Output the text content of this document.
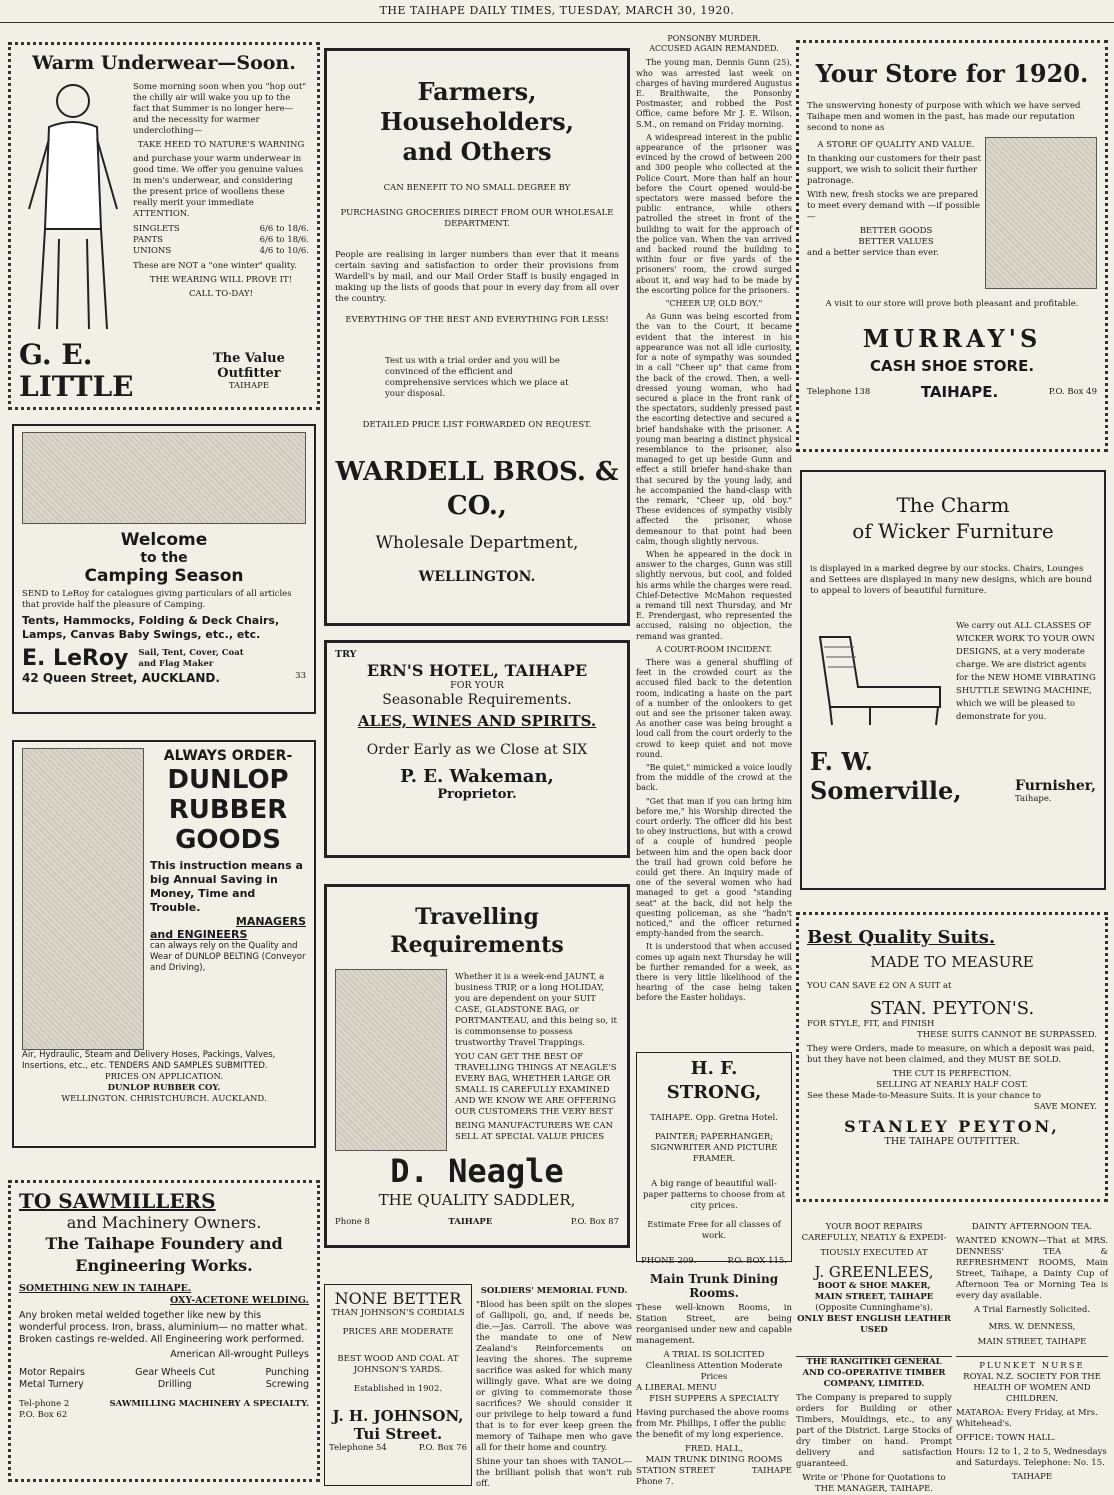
THE TAIHAPE DAILY TIMES, TUESDAY, MARCH 30, 1920.
Warm Underwear—Soon.

Some morning soon when you "hop out" the chilly air will wake you up to the fact that Summer is no longer here—and the necessity for warmer underclothing—

TAKE HEED TO NATURE'S WARNING

and purchase your warm underwear in good time. We offer you genuine values in men's underwear, and considering the present price of woollens these really merit your immediate ATTENTION.

SINGLETS	6/6 to 18/6.
PANTS	6/6 to 18/6.
UNIONS	4/6 to 10/6.

These are NOT a "one winter" quality.

THE WEARING WILL PROVE IT!

CALL TO-DAY!

G. E. LITTLE
The Value Outfitter
TAIHAPE
Welcome
to the
Camping Season

SEND to LeRoy for catalogues giving particulars of all articles that provide half the pleasure of Camping.

Tents, Hammocks, Folding & Deck Chairs, Lamps, Canvas Baby Swings, etc., etc.
E. LeRoy Sail, Tent, Cover, Coat and Flag Maker
42 Queen Street, AUCKLAND.	33
ALWAYS ORDER-
DUNLOP
RUBBER
GOODS
This instruction means a big Annual Saving in Money, Time and Trouble.
MANAGERS
and ENGINEERS
can always rely on the Quality and Wear of DUNLOP BELTING (Conveyor and Driving),
Air, Hydraulic, Steam and Delivery Hoses, Packings, Valves, Insertions, etc., etc. TENDERS AND SAMPLES SUBMITTED.
PRICES ON APPLICATION.
DUNLOP RUBBER COY.
WELLINGTON. CHRISTCHURCH. AUCKLAND.
TO SAWMILLERS
and Machinery Owners.
The Taihape Foundery and
Engineering Works.
SOMETHING NEW IN TAIHAPE.
OXY-ACETONE WELDING.

Any broken metal welded together like new by this wonderful process. Iron, brass, aluminium— no matter what. Broken castings re-welded. All Engineering work performed.

American All-wrought Pulleys
Motor Repairs	Gear Wheels Cut	Punching
Metal Turnery	Drilling	Screwing
Tel-phone 2
P.O. Box 62
SAWMILLING MACHINERY A SPECIALTY.
Farmers, Householders,
and Others
CAN BENEFIT TO NO SMALL DEGREE BY
PURCHASING GROCERIES DIRECT FROM OUR WHOLESALE DEPARTMENT.

People are realising in larger numbers than ever that it means certain saving and satisfaction to order their provisions from Wardell's by mail, and our Mail Order Staff is busily engaged in making up the lists of goods that pour in every day from all over the country.

EVERYTHING OF THE BEST AND EVERYTHING FOR LESS!

Test us with a trial order and you will be convinced of the efficient and comprehensive services which we place at your disposal.

DETAILED PRICE LIST FORWARDED ON REQUEST.
WARDELL BROS. & CO.,
Wholesale Department,
WELLINGTON.
TRY
ERN'S HOTEL, TAIHAPE
FOR YOUR
Seasonable Requirements.
ALES, WINES AND SPIRITS.
Order Early as we Close at SIX
P. E. Wakeman,
Proprietor.
Travelling Requirements

Whether it is a week-end JAUNT, a business TRIP, or a long HOLIDAY, you are dependent on your SUIT CASE, GLADSTONE BAG, or PORTMANTEAU, and this being so, it is commonsense to possess trustworthy Travel Trappings.

YOU CAN GET THE BEST OF TRAVELLING THINGS AT NEAGLE'S EVERY BAG, WHETHER LARGE OR SMALL IS CAREFULLY EXAMINED AND WE KNOW WE ARE OFFERING OUR CUSTOMERS THE VERY BEST

BEING MANUFACTURERS WE CAN SELL AT SPECIAL VALUE PRICES

D. Neagle
THE QUALITY SADDLER,
Phone 8	TAIHAPE	P.O. Box 87
NONE BETTER
THAN JOHNSON'S CORDIALS
PRICES ARE MODERATE
BEST WOOD AND COAL AT JOHNSON'S YARDS.
Established in 1902.
J. H. JOHNSON,
Tui Street.
Telephone 54	P.O. Box 76
SOLDIERS' MEMORIAL FUND.

"Blood has been spilt on the slopes of Gallipoli, go, and, if needs be, die.—Jas. Carroll. The above was the mandate to one of New Zealand's Reinforcements on leaving the shores. The supreme sacrifice was asked for which many willingly gave. What are we doing or giving to commemorate those sacrifices? We should consider it our privilege to help toward a fund that is to for ever keep green the memory of Taihape men who gave all for their home and country.

Shine your tan shoes with TANOL—the brilliant polish that won't rub off.

PONSONBY MURDER.
ACCUSED AGAIN REMANDED.

The young man, Dennis Gunn (25), who was arrested last week on charges of having murdered Augustus E. Braithwaite, the Ponsonby Postmaster, and robbed the Post Office, came before Mr J. E. Wilson, S.M., on remand on Friday morning.

A widespread interest in the public appearance of the prisoner was evinced by the crowd of between 200 and 300 people who collected at the Police Court. More than half an hour before the Court opened would-be spectators were massed before the public entrance, while others patrolled the street in front of the building to wait for the approach of the police van. When the van arrived and backed round the building to within four or five yards of the prisoners' room, the crowd surged about it, and way had to be made by the escorting police for the prisoners.

"CHEER UP, OLD BOY."

As Gunn was being escorted from the van to the Court, it became evident that the interest in his appearance was not all idle curiosity, for a note of sympathy was sounded in a call "Cheer up" that came from the back of the crowd. Then, a well-dressed young woman, who had secured a place in the front rank of the spectators, suddenly pressed past the escorting detective and secured a brief handshake with the prisoner. A young man bearing a distinct physical resemblance to the prisoner, also managed to get up beside Gunn and effect a still briefer hand-shake than that secured by the young lady, and he accompanied the hand-clasp with the remark, "Cheer up, old boy." These evidences of sympathy visibly affected the prisoner, whose demeanour to that point had been calm, though slightly nervous.

When he appeared in the dock in answer to the charges, Gunn was still slightly nervous, but cool, and folded his arms while the charges were read. Chief-Detective McMahon requested a remand till next Thursday, and Mr E. Prendergast, who represented the accused, raising no objection, the remand was granted.

A COURT-ROOM INCIDENT.

There was a general shuffling of feet in the crowded court as the accused filed back to the detention room, indicating a haste on the part of a number of the onlookers to get out and see the prisoner taken away. As another case was being brought a loud call from the court orderly to the crowd to keep quiet and not move round.

"Be quiet," mimicked a voice loudly from the middle of the crowd at the back.

"Get that man if you can bring him before me," his Worship directed the court orderly. The officer did his best to obey instructions, but with a crowd of a couple of hundred people between him and the open back door the trail had grown cold before he could get there. An inquiry made of one of the several women who had managed to get a good "standing seat" at the back, did not help the questing policeman, as she "hadn't noticed," and the officer returned empty-handed from the search.

It is understood that when accused comes up again next Thursday he will be further remanded for a week, as there is very little likelihood of the hearing of the case being taken before the Easter holidays.

H. F. STRONG,
TAIHAPE. Opp. Gretna Hotel.
PAINTER; PAPERHANGER; SIGNWRITER AND PICTURE FRAMER.
A big range of beautiful wall-paper patterns to choose from at city prices.
Estimate Free for all classes of work.
PHONE 209.	P.O. BOX 115.
Main Trunk Dining
Rooms.

These well-known Rooms, in Station Street, are being reorganised under new and capable management.

A TRIAL IS SOLICITED
Cleanliness Attention Moderate Prices
A LIBERAL MENU
FISH SUPPERS A SPECIALTY

Having purchased the above rooms from Mr. Phillips, I offer the public the benefit of my long experience.

FRED. HALL,
MAIN TRUNK DINING ROOMS
STATION STREET	TAIHAPE
Phone 7.
Your Store for 1920.

The unswerving honesty of purpose with which we have served Taihape men and women in the past, has made our reputation second to none as

A STORE OF QUALITY AND VALUE.

In thanking our customers for their past support, we wish to solicit their further patronage.

With new, fresh stocks we are prepared to meet every demand with —if possible—

BETTER GOODS
BETTER VALUES
and a better service than ever.
A visit to our store will prove both pleasant and profitable.
MURRAY'S
CASH SHOE STORE.
Telephone 138	TAIHAPE.	P.O. Box 49
The Charm
of Wicker Furniture

is displayed in a marked degree by our stocks. Chairs, Lounges and Settees are displayed in many new designs, which are bound to appeal to lovers of beautiful furniture.

We carry out ALL CLASSES OF WICKER WORK TO YOUR OWN DESIGNS, at a very moderate charge. We are district agents for the NEW HOME VIBRATING SHUTTLE SEWING MACHINE, which we will be pleased to demonstrate for you.

F. W. Somerville,	Furnisher,
Taihape.
Best Quality Suits.
MADE TO MEASURE
YOU CAN SAVE £2 ON A SUIT at
STAN. PEYTON'S.
FOR STYLE, FIT, and FINISH
THESE SUITS CANNOT BE SURPASSED.

They were Orders, made to measure, on which a deposit was paid, but they have not been claimed, and they MUST BE SOLD.

THE CUT IS PERFECTION.
SELLING AT NEARLY HALF COST.
See these Made-to-Measure Suits. It is your chance to
SAVE MONEY.
STANLEY PEYTON,
THE TAIHAPE OUTFITTER.
YOUR BOOT REPAIRS
CAREFULLY, NEATLY & EXPEDI-
TIOUSLY EXECUTED AT
J. GREENLEES,
BOOT & SHOE MAKER,
MAIN STREET, TAIHAPE
(Opposite Cunninghame's).
ONLY BEST ENGLISH LEATHER USED
THE RANGITIKEI GENERAL AND CO-OPERATIVE TIMBER COMPANY, LIMITED.

The Company is prepared to supply orders for Building or other Timbers, Mouldings, etc., to any part of the District. Large Stocks of dry timber on hand. Prompt delivery and satisfaction guaranteed.

Write or 'Phone for Quotations to
THE MANAGER, TAIHAPE.
DAINTY AFTERNOON TEA.

WANTED KNOWN—That at MRS. DENNESS' TEA & REFRESHMENT ROOMS, Main Street, Taihape, a Dainty Cup of Afternoon Tea or Morning Tea is every day available.

A Trial Earnestly Solicited.
MRS. W. DENNESS,
MAIN STREET, TAIHAPE
PLUNKET NURSE
ROYAL N.Z. SOCIETY FOR THE HEALTH OF WOMEN AND CHILDREN.

MATAROA: Every Friday, at Mrs. Whitehead's.

OFFICE: TOWN HALL.

Hours: 12 to 1, 2 to 5, Wednesdays and Saturdays. Telephone: No. 15.

TAIHAPE
